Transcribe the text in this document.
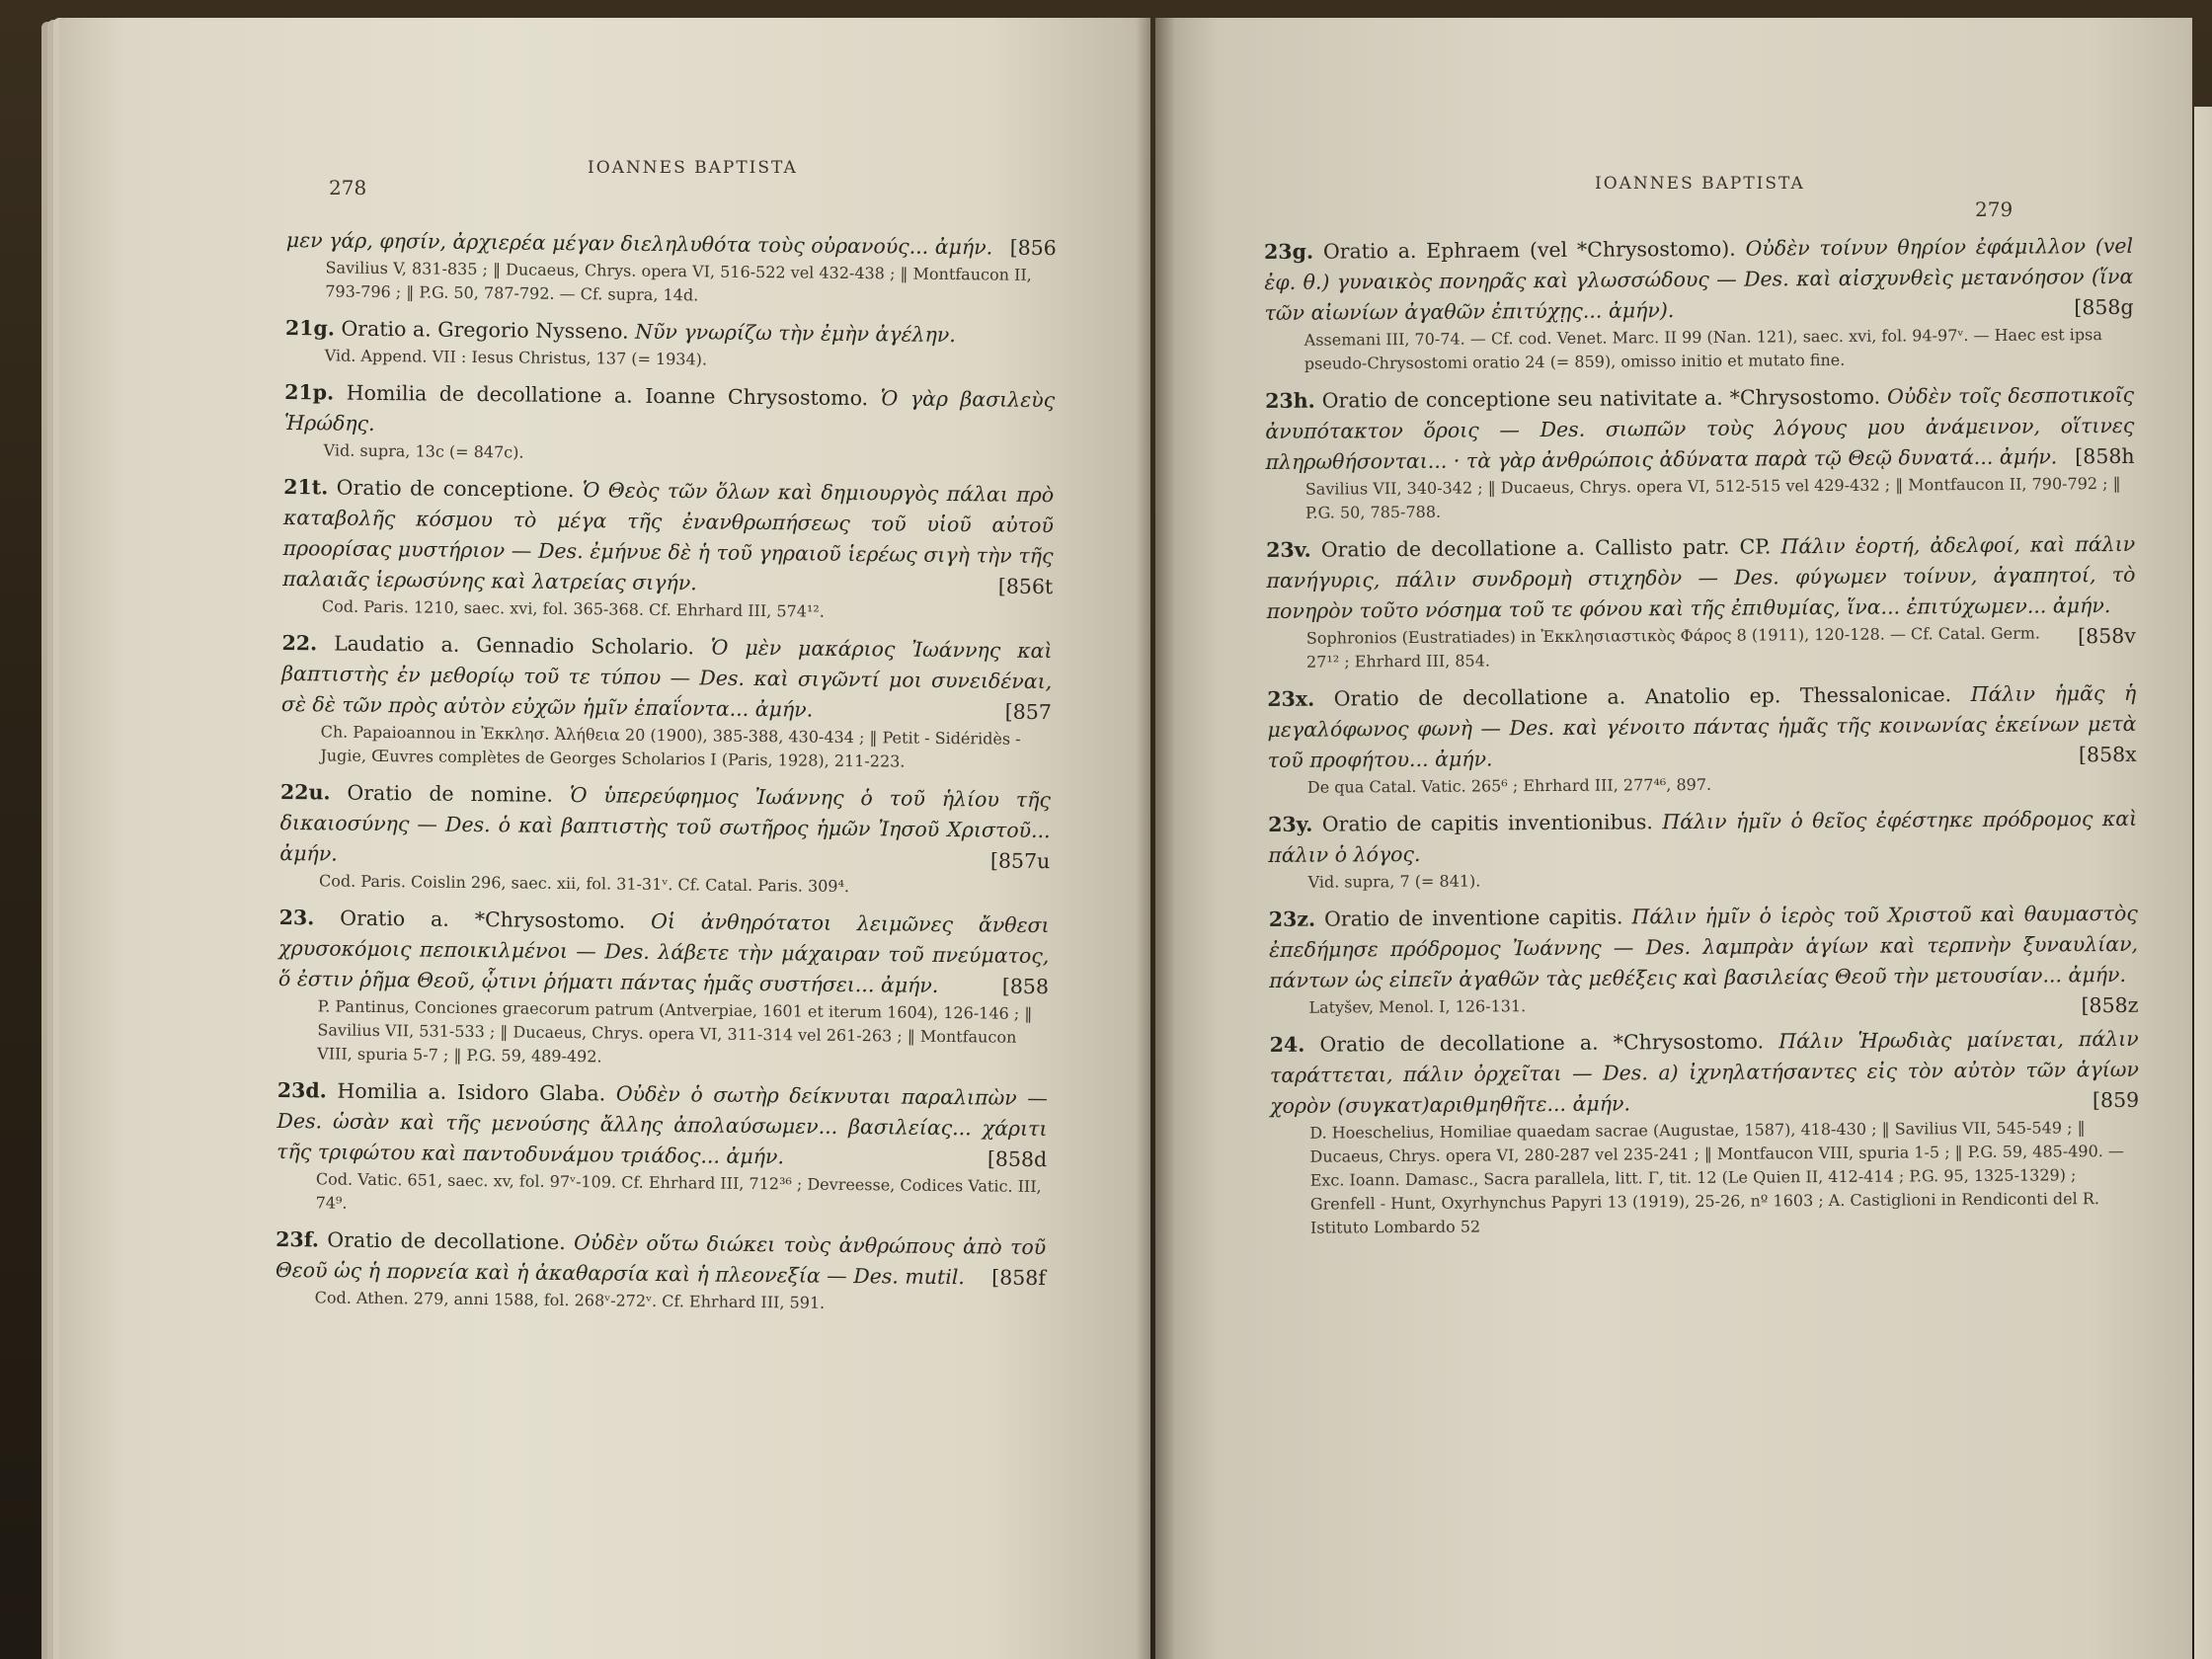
IOANNES BAPTISTA
278
μεν γάρ, φησίν, ἀρχιερέα μέγαν διεληλυθότα τοὺς οὐρανούς... ἀμήν. [856
Savilius V, 831-835 ; ‖ Ducaeus, Chrys. opera VI, 516-522 vel 432-438 ; ‖ Montfaucon II, 793-796 ; ‖ P.G. 50, 787-792. — Cf. supra, 14d.
21g. Oratio a. Gregorio Nysseno. Νῦν γνωρίζω τὴν ἐμὴν ἀγέλην.
Vid. Append. VII : Iesus Christus, 137 (= 1934).
21p. Homilia de decollatione a. Ioanne Chrysostomo. Ὁ γὰρ βασιλεὺς Ἡρώδης.
Vid. supra, 13c (= 847c).
21t. Oratio de conceptione. Ὁ Θεὸς τῶν ὅλων καὶ δημιουργὸς πάλαι πρὸ καταβολῆς κόσμου τὸ μέγα τῆς ἐνανθρωπήσεως τοῦ υἱοῦ αὐτοῦ προορίσας μυστήριον — Des. ἐμήνυε δὲ ἡ τοῦ γηραιοῦ ἱερέως σιγὴ τὴν τῆς παλαιᾶς ἱερωσύνης καὶ λατρείας σιγήν.	[856t
Cod. Paris. 1210, saec. xvi, fol. 365-368. Cf. Ehrhard III, 574¹².
22. Laudatio a. Gennadio Scholario. Ὁ μὲν μακάριος Ἰωάννης καὶ βαπτιστὴς ἐν μεθορίῳ τοῦ τε τύπου — Des. καὶ σιγῶντί μοι συνειδέναι, σὲ δὲ τῶν πρὸς αὐτὸν εὐχῶν ἡμῖν ἐπαΐοντα... ἀμήν.	[857
Ch. Papaioannou in Ἐκκλησ. Ἀλήθεια 20 (1900), 385-388, 430-434 ; ‖ Petit - Sidéridès - Jugie, Œuvres complètes de Georges Scholarios I (Paris, 1928), 211-223.
22u. Oratio de nomine. Ὁ ὑπερεύφημος Ἰωάννης ὁ τοῦ ἡλίου τῆς δικαιοσύνης — Des. ὁ καὶ βαπτιστὴς τοῦ σωτῆρος ἡμῶν Ἰησοῦ Χριστοῦ... ἀμήν.	[857u
Cod. Paris. Coislin 296, saec. xii, fol. 31-31ᵛ. Cf. Catal. Paris. 309⁴.
23. Oratio a. *Chrysostomo. Οἱ ἀνθηρότατοι λειμῶνες ἄνθεσι χρυσοκόμοις πεποικιλμένοι — Des. λάβετε τὴν μάχαιραν τοῦ πνεύματος, ὅ ἐστιν ῥῆμα Θεοῦ, ᾧτινι ῥήματι πάντας ἡμᾶς συστήσει... ἀμήν.	[858
P. Pantinus, Conciones graecorum patrum (Antverpiae, 1601 et iterum 1604), 126-146 ; ‖ Savilius VII, 531-533 ; ‖ Ducaeus, Chrys. opera VI, 311-314 vel 261-263 ; ‖ Montfaucon VIII, spuria 5-7 ; ‖ P.G. 59, 489-492.
23d. Homilia a. Isidoro Glaba. Οὐδὲν ὁ σωτὴρ δείκνυται παραλιπὼν — Des. ὡσὰν καὶ τῆς μενούσης ἄλλης ἀπολαύσωμεν... βασιλείας... χάριτι τῆς τριφώτου καὶ παντοδυνάμου τριάδος... ἀμήν.	[858d
Cod. Vatic. 651, saec. xv, fol. 97ᵛ-109. Cf. Ehrhard III, 712³⁶ ; Devreesse, Codices Vatic. III, 74⁹.
23f. Oratio de decollatione. Οὐδὲν οὕτω διώκει τοὺς ἀνθρώπους ἀπὸ τοῦ Θεοῦ ὡς ἡ πορνεία καὶ ἡ ἀκαθαρσία καὶ ἡ πλεονεξία — Des. mutil. [858f
Cod. Athen. 279, anni 1588, fol. 268ᵛ-272ᵛ. Cf. Ehrhard III, 591.
IOANNES BAPTISTA
279
23g. Oratio a. Ephraem (vel *Chrysostomo). Οὐδὲν τοίνυν θηρίον ἐφάμιλλον (vel ἐφ. θ.) γυναικὸς πονηρᾶς καὶ γλωσσώδους — Des. καὶ αἰσχυνθεὶς μετανόησον (ἵνα τῶν αἰωνίων ἀγαθῶν ἐπιτύχῃς... ἀμήν).	[858g
Assemani III, 70-74. — Cf. cod. Venet. Marc. II 99 (Nan. 121), saec. xvi, fol. 94-97ᵛ. — Haec est ipsa pseudo-Chrysostomi oratio 24 (= 859), omisso initio et mutato fine.
23h. Oratio de conceptione seu nativitate a. *Chrysostomo. Οὐδὲν τοῖς δεσποτικοῖς ἀνυπότακτον ὅροις — Des. σιωπῶν τοὺς λόγους μου ἀνάμεινον, οἵτινες πληρωθήσονται... · τὰ γὰρ ἀνθρώποις ἀδύνατα παρὰ τῷ Θεῷ δυνατά... ἀμήν. [858h
Savilius VII, 340-342 ; ‖ Ducaeus, Chrys. opera VI, 512-515 vel 429-432 ; ‖ Montfaucon II, 790-792 ; ‖ P.G. 50, 785-788.
23v. Oratio de decollatione a. Callisto patr. CP. Πάλιν ἑορτή, ἀδελφοί, καὶ πάλιν πανήγυρις, πάλιν συνδρομὴ στιχηδὸν — Des. φύγωμεν τοίνυν, ἀγαπητοί, τὸ πονηρὸν τοῦτο νόσημα τοῦ τε φόνου καὶ τῆς ἐπιθυμίας, ἵνα... ἐπιτύχωμεν... ἀμήν.
[858v
Sophronios (Eustratiades) in Ἐκκλησιαστικὸς Φάρος 8 (1911), 120-128. — Cf. Catal. Germ. 27¹² ; Ehrhard III, 854.
23x. Oratio de decollatione a. Anatolio ep. Thessalonicae. Πάλιν ἡμᾶς ἡ μεγαλόφωνος φωνὴ — Des. καὶ γένοιτο πάντας ἡμᾶς τῆς κοινωνίας ἐκείνων μετὰ τοῦ προφήτου... ἀμήν.	[858x
De qua Catal. Vatic. 265⁶ ; Ehrhard III, 277⁴⁶, 897.
23y. Oratio de capitis inventionibus. Πάλιν ἡμῖν ὁ θεῖος ἐφέστηκε πρόδρομος καὶ πάλιν ὁ λόγος.
Vid. supra, 7 (= 841).
23z. Oratio de inventione capitis. Πάλιν ἡμῖν ὁ ἱερὸς τοῦ Χριστοῦ καὶ θαυμαστὸς ἐπεδήμησε πρόδρομος Ἰωάννης — Des. λαμπρὰν ἁγίων καὶ τερπνὴν ξυναυλίαν, πάντων ὡς εἰπεῖν ἀγαθῶν τὰς μεθέξεις καὶ βασιλείας Θεοῦ τὴν μετουσίαν... ἀμήν.
[858z
Latyšev, Menol. I, 126-131.
24. Oratio de decollatione a. *Chrysostomo. Πάλιν Ἡρωδιὰς μαίνεται, πάλιν ταράττεται, πάλιν ὀρχεῖται — Des. a) ἰχνηλατήσαντες εἰς τὸν αὐτὸν τῶν ἁγίων χορὸν (συγκατ)αριθμηθῆτε... ἀμήν.	[859
D. Hoeschelius, Homiliae quaedam sacrae (Augustae, 1587), 418-430 ; ‖ Savilius VII, 545-549 ; ‖ Ducaeus, Chrys. opera VI, 280-287 vel 235-241 ; ‖ Montfaucon VIII, spuria 1-5 ; ‖ P.G. 59, 485-490. — Exc. Ioann. Damasc., Sacra parallela, litt. Γ, tit. 12 (Le Quien II, 412-414 ; P.G. 95, 1325-1329) ; Grenfell - Hunt, Oxyrhynchus Papyri 13 (1919), 25-26, nº 1603 ; A. Castiglioni in Rendiconti del R. Istituto Lombardo 52
